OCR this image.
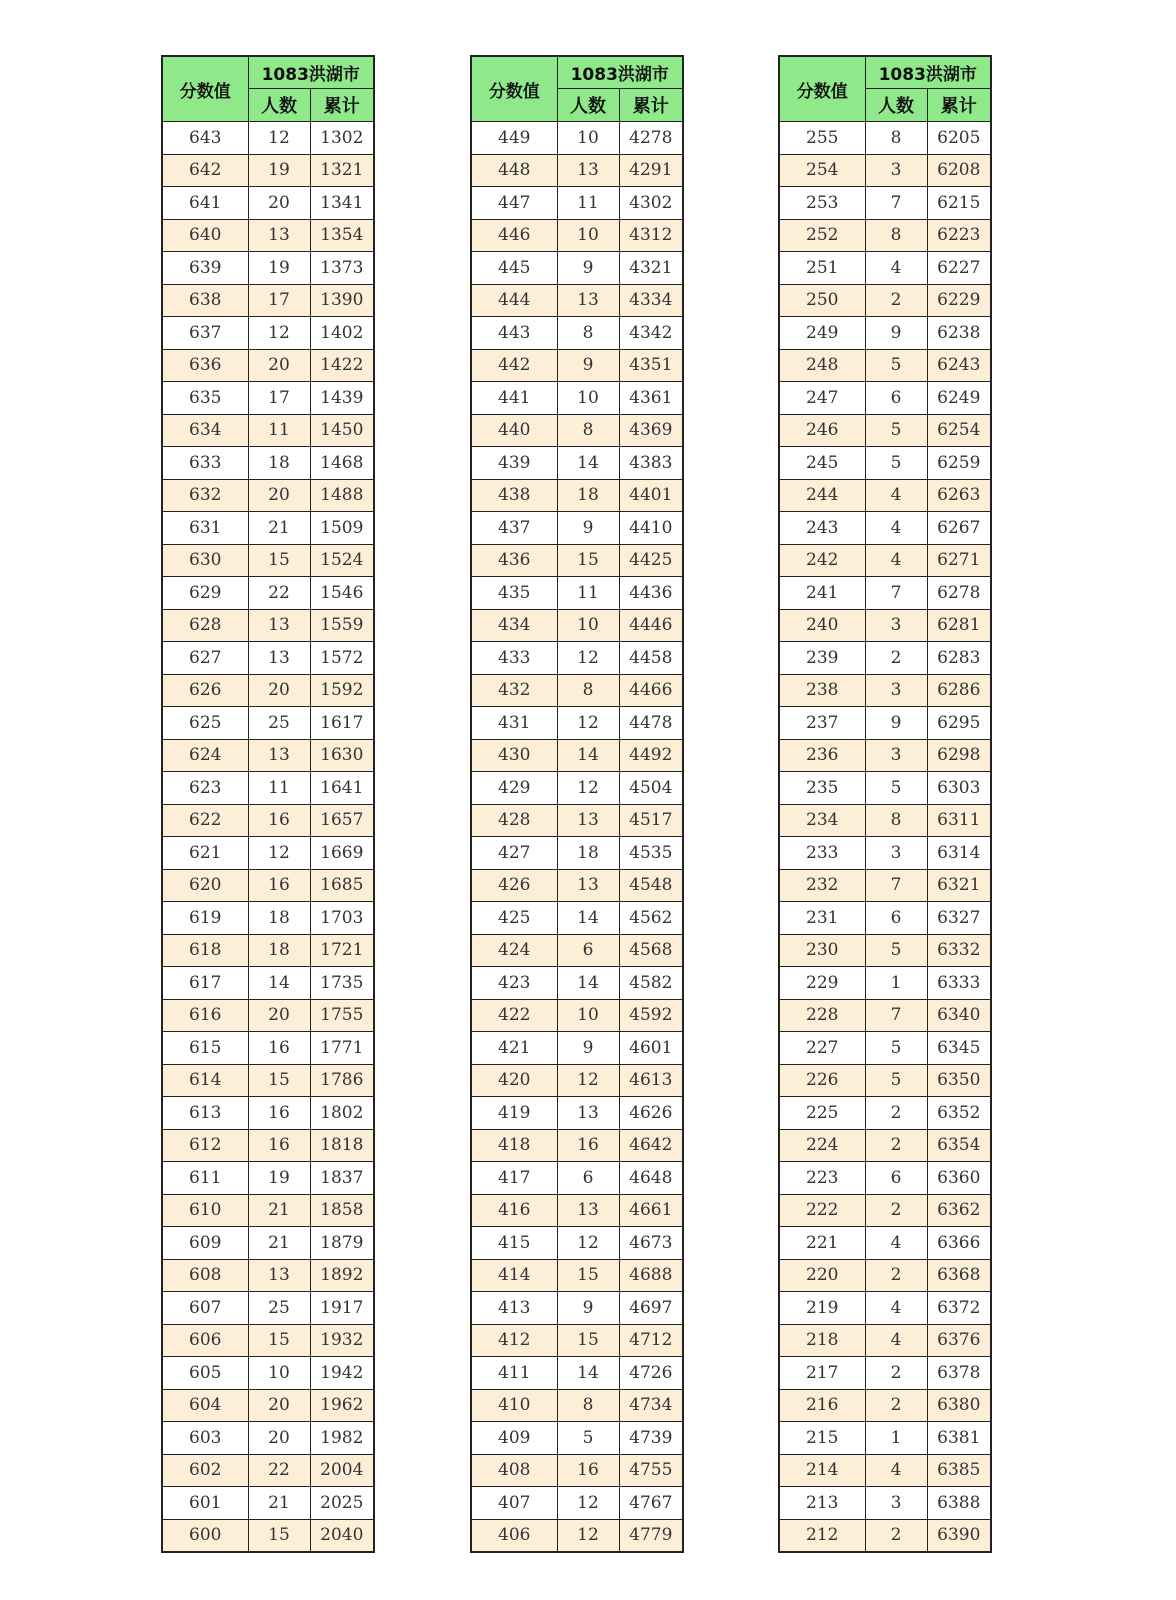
分数值	1083洪湖市	
	人数	累计
643	12	1302
642	19	1321
641	20	1341
640	13	1354
639	19	1373
638	17	1390
637	12	1402
636	20	1422
635	17	1439
634	11	1450
633	18	1468
632	20	1488
631	21	1509
630	15	1524
629	22	1546
628	13	1559
627	13	1572
626	20	1592
625	25	1617
624	13	1630
623	11	1641
622	16	1657
621	12	1669
620	16	1685
619	18	1703
618	18	1721
617	14	1735
616	20	1755
615	16	1771
614	15	1786
613	16	1802
612	16	1818
611	19	1837
610	21	1858
609	21	1879
608	13	1892
607	25	1917
606	15	1932
605	10	1942
604	20	1962
603	20	1982
602	22	2004
601	21	2025
600	15	2040
分数值	1083洪湖市	
	人数	累计
449	10	4278
448	13	4291
447	11	4302
446	10	4312
445	9	4321
444	13	4334
443	8	4342
442	9	4351
441	10	4361
440	8	4369
439	14	4383
438	18	4401
437	9	4410
436	15	4425
435	11	4436
434	10	4446
433	12	4458
432	8	4466
431	12	4478
430	14	4492
429	12	4504
428	13	4517
427	18	4535
426	13	4548
425	14	4562
424	6	4568
423	14	4582
422	10	4592
421	9	4601
420	12	4613
419	13	4626
418	16	4642
417	6	4648
416	13	4661
415	12	4673
414	15	4688
413	9	4697
412	15	4712
411	14	4726
410	8	4734
409	5	4739
408	16	4755
407	12	4767
406	12	4779
分数值	1083洪湖市	
	人数	累计
255	8	6205
254	3	6208
253	7	6215
252	8	6223
251	4	6227
250	2	6229
249	9	6238
248	5	6243
247	6	6249
246	5	6254
245	5	6259
244	4	6263
243	4	6267
242	4	6271
241	7	6278
240	3	6281
239	2	6283
238	3	6286
237	9	6295
236	3	6298
235	5	6303
234	8	6311
233	3	6314
232	7	6321
231	6	6327
230	5	6332
229	1	6333
228	7	6340
227	5	6345
226	5	6350
225	2	6352
224	2	6354
223	6	6360
222	2	6362
221	4	6366
220	2	6368
219	4	6372
218	4	6376
217	2	6378
216	2	6380
215	1	6381
214	4	6385
213	3	6388
212	2	6390
